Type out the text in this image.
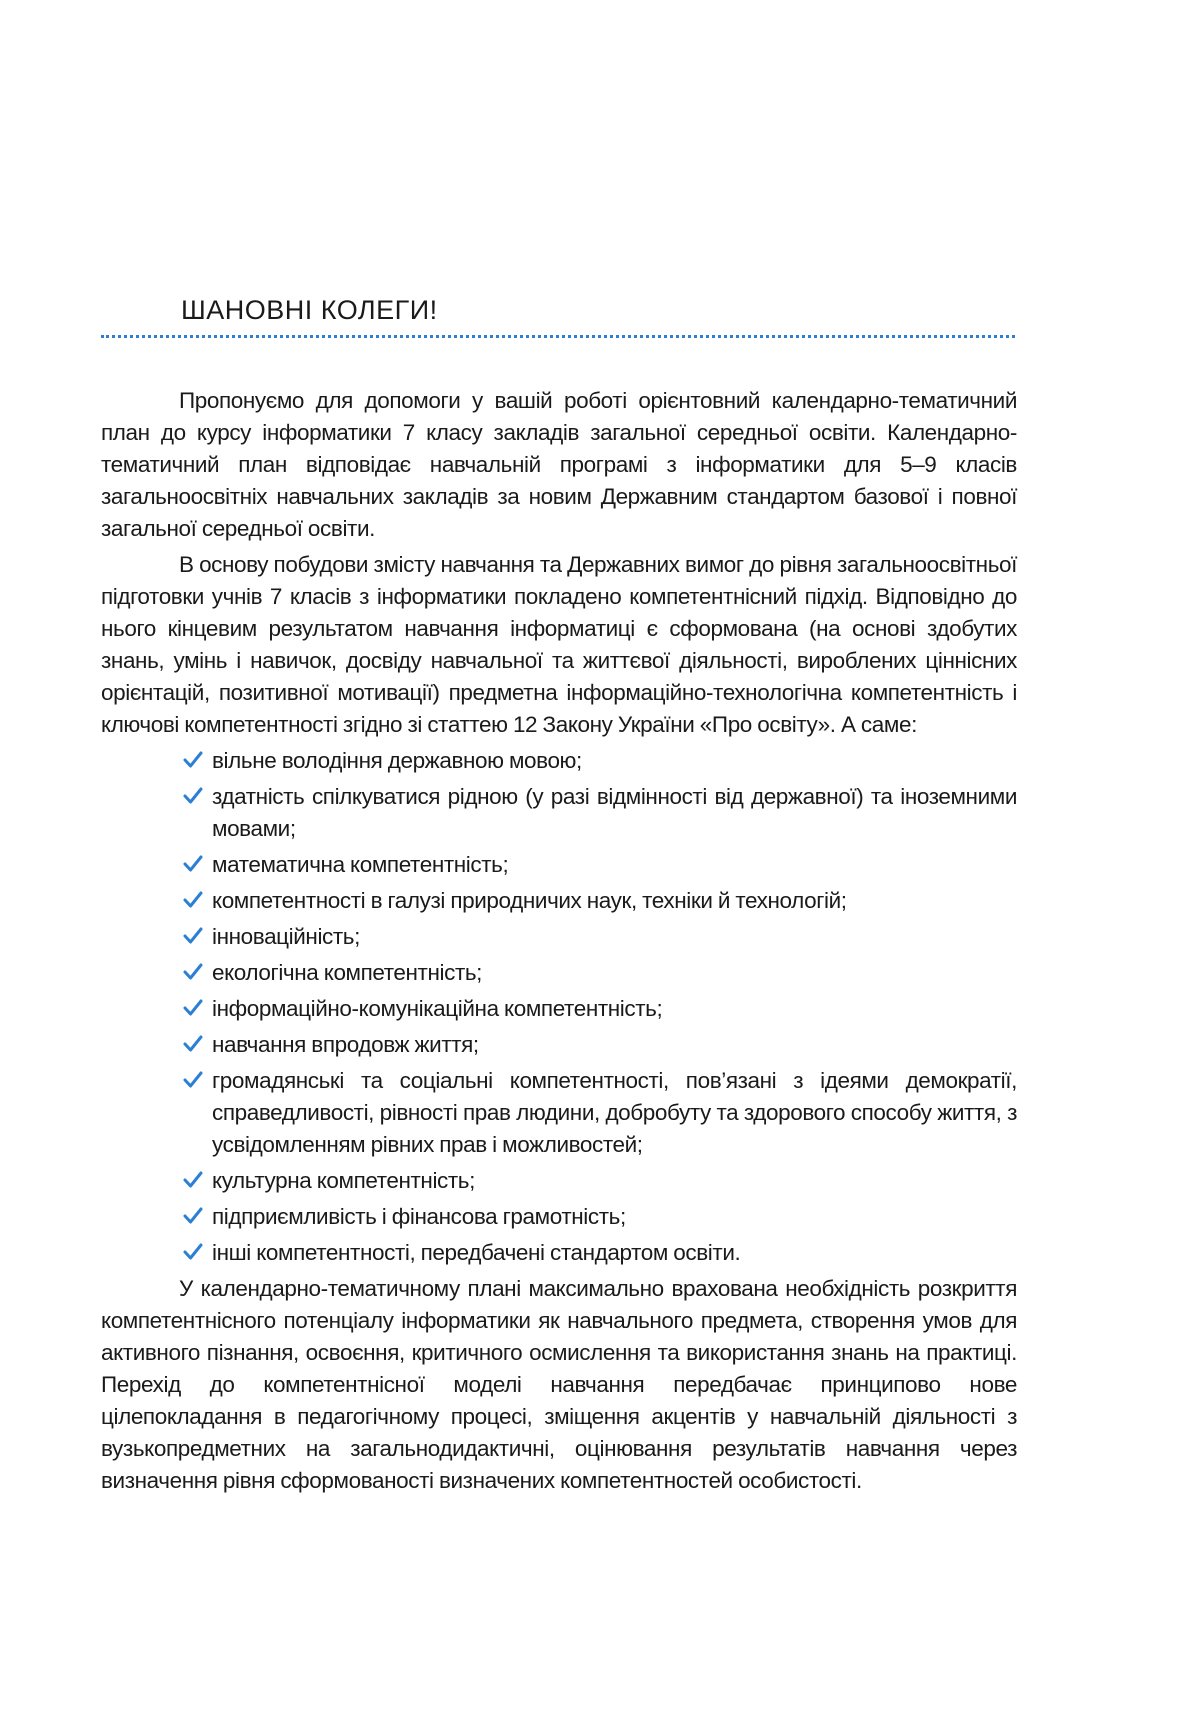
ШАНОВНІ КОЛЕГИ!

Пропонуємо для допомоги у вашій роботі орієнтовний календарно-тематичний план до курсу інформатики 7 класу закладів загальної середньої освіти. Календарно-тематичний план відповідає навчальній програмі з інформатики для 5–9 класів загальноосвітніх навчальних закладів за новим Державним стандартом базової і повної загальної середньої освіти.

В основу побудови змісту навчання та Державних вимог до рівня загальноосвітньої підготовки учнів 7 класів з інформатики покладено компетентнісний підхід. Відповідно до нього кінцевим результатом навчання інформатиці є сформована (на основі здобутих знань, умінь і навичок, досвіду навчальної та життєвої діяльності, вироблених ціннісних орієнтацій, позитивної мотивації) предметна інформаційно-технологічна компетентність і ключові компетентності згідно зі статтею 12 Закону України «Про освіту». А саме:

вільне володіння державною мовою;
здатність спілкуватися рідною (у разі відмінності від державної) та іноземними мовами;
математична компетентність;
компетентності в галузі природничих наук, техніки й технологій;
інноваційність;
екологічна компетентність;
інформаційно-комунікаційна компетентність;
навчання впродовж життя;
громадянські та соціальні компетентності, пов’язані з ідеями демократії, справедливості, рівності прав людини, добробуту та здорового способу життя, з усвідомленням рівних прав і можливостей;
культурна компетентність;
підприємливість і фінансова грамотність;
інші компетентності, передбачені стандартом освіти.

У календарно-тематичному плані максимально врахована необхідність розкриття компетентнісного потенціалу інформатики як навчального предмета, створення умов для активного пізнання, освоєння, критичного осмислення та використання знань на практиці. Перехід до компетентнісної моделі навчання передбачає принципово нове цілепокладання в педагогічному процесі, зміщення акцентів у навчальній діяльності з вузькопредметних на загальнодидактичні, оцінювання результатів навчання через визначення рівня сформованості визначених компетентностей особистості.
